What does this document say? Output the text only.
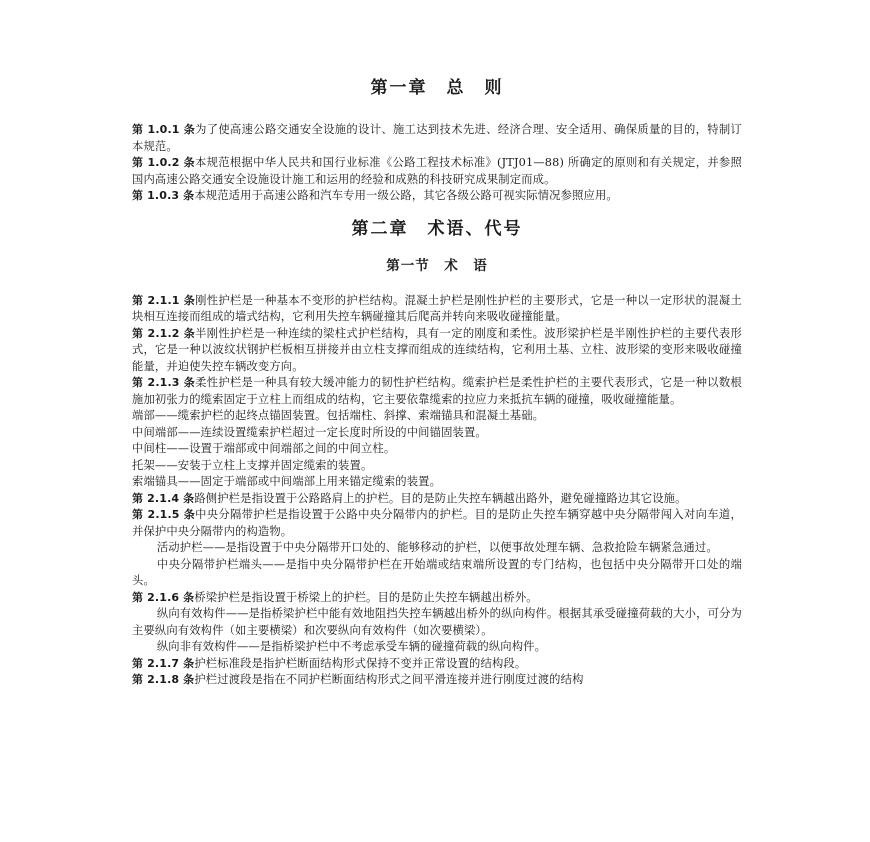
第一章　总　则

第 1.0.1 条为了使高速公路交通安全设施的设计、施工达到技术先进、经济合理、安全适用、确保质量的目的，特制订本规范。

第 1.0.2 条本规范根据中华人民共和国行业标准《公路工程技术标准》(JTJ01—88) 所确定的原则和有关规定，并参照国内高速公路交通安全设施设计施工和运用的经验和成熟的科技研究成果制定而成。

第 1.0.3 条本规范适用于高速公路和汽车专用一级公路，其它各级公路可视实际情况参照应用。

第二章　术语、代号
第一节　术　语

第 2.1.1 条刚性护栏是一种基本不变形的护栏结构。混凝土护栏是刚性护栏的主要形式，它是一种以一定形状的混凝土块相互连接而组成的墙式结构，它利用失控车辆碰撞其后爬高并转向来吸收碰撞能量。

第 2.1.2 条半刚性护栏是一种连续的梁柱式护栏结构，具有一定的刚度和柔性。波形梁护栏是半刚性护栏的主要代表形式，它是一种以波纹状钢护栏板相互拼接并由立柱支撑而组成的连续结构，它利用土基、立柱、波形梁的变形来吸收碰撞能量，并迫使失控车辆改变方向。

第 2.1.3 条柔性护栏是一种具有较大缓冲能力的韧性护栏结构。缆索护栏是柔性护栏的主要代表形式，它是一种以数根施加初张力的缆索固定于立柱上而组成的结构，它主要依靠缆索的拉应力来抵抗车辆的碰撞，吸收碰撞能量。

端部——缆索护栏的起终点锚固装置。包括端柱、斜撑、索端锚具和混凝土基础。

中间端部——连续设置缆索护栏超过一定长度时所设的中间锚固装置。

中间柱——设置于端部或中间端部之间的中间立柱。

托架——安装于立柱上支撑并固定缆索的装置。

索端锚具——固定于端部或中间端部上用来锚定缆索的装置。

第 2.1.4 条路侧护栏是指设置于公路路肩上的护栏。目的是防止失控车辆越出路外，避免碰撞路边其它设施。

第 2.1.5 条中央分隔带护栏是指设置于公路中央分隔带内的护栏。目的是防止失控车辆穿越中央分隔带闯入对向车道，并保护中央分隔带内的构造物。

活动护栏——是指设置于中央分隔带开口处的、能够移动的护栏，以便事故处理车辆、急救抢险车辆紧急通过。

中央分隔带护栏端头——是指中央分隔带护栏在开始端或结束端所设置的专门结构，也包括中央分隔带开口处的端头。

第 2.1.6 条桥梁护栏是指设置于桥梁上的护栏。目的是防止失控车辆越出桥外。

纵向有效构件——是指桥梁护栏中能有效地阻挡失控车辆越出桥外的纵向构件。根据其承受碰撞荷载的大小，可分为主要纵向有效构件（如主要横梁）和次要纵向有效构件（如次要横梁）。

纵向非有效构件——是指桥梁护栏中不考虑承受车辆的碰撞荷载的纵向构件。

第 2.1.7 条护栏标准段是指护栏断面结构形式保持不变并正常设置的结构段。

第 2.1.8 条护栏过渡段是指在不同护栏断面结构形式之间平滑连接并进行刚度过渡的结构
